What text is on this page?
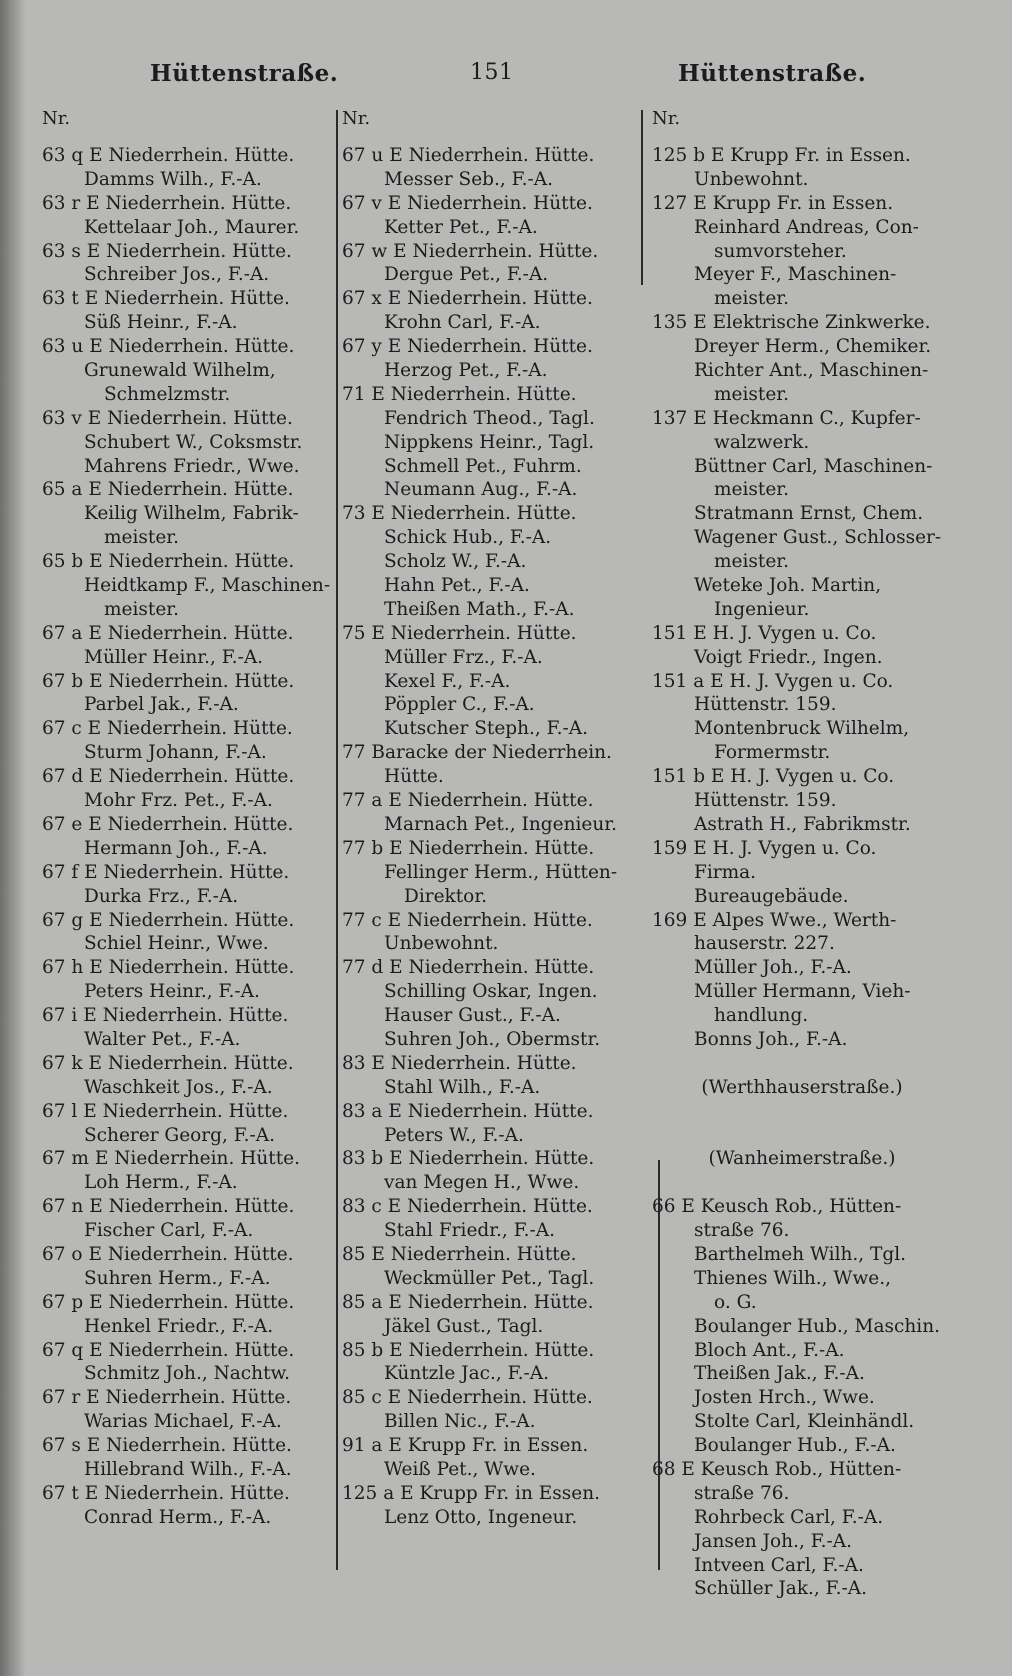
Hüttenstraße.	151	Hüttenstraße.
Nr.
63 q E Niederrhein. Hütte.
Damms Wilh., F.-A.
63 r E Niederrhein. Hütte.
Kettelaar Joh., Maurer.
63 s E Niederrhein. Hütte.
Schreiber Jos., F.-A.
63 t E Niederrhein. Hütte.
Süß Heinr., F.-A.
63 u E Niederrhein. Hütte.
Grunewald Wilhelm,
Schmelzmstr.
63 v E Niederrhein. Hütte.
Schubert W., Coksmstr.
Mahrens Friedr., Wwe.
65 a E Niederrhein. Hütte.
Keilig Wilhelm, Fabrik-
meister.
65 b E Niederrhein. Hütte.
Heidtkamp F., Maschinen-
meister.
67 a E Niederrhein. Hütte.
Müller Heinr., F.-A.
67 b E Niederrhein. Hütte.
Parbel Jak., F.-A.
67 c E Niederrhein. Hütte.
Sturm Johann, F.-A.
67 d E Niederrhein. Hütte.
Mohr Frz. Pet., F.-A.
67 e E Niederrhein. Hütte.
Hermann Joh., F.-A.
67 f E Niederrhein. Hütte.
Durka Frz., F.-A.
67 g E Niederrhein. Hütte.
Schiel Heinr., Wwe.
67 h E Niederrhein. Hütte.
Peters Heinr., F.-A.
67 i E Niederrhein. Hütte.
Walter Pet., F.-A.
67 k E Niederrhein. Hütte.
Waschkeit Jos., F.-A.
67 l E Niederrhein. Hütte.
Scherer Georg, F.-A.
67 m E Niederrhein. Hütte.
Loh Herm., F.-A.
67 n E Niederrhein. Hütte.
Fischer Carl, F.-A.
67 o E Niederrhein. Hütte.
Suhren Herm., F.-A.
67 p E Niederrhein. Hütte.
Henkel Friedr., F.-A.
67 q E Niederrhein. Hütte.
Schmitz Joh., Nachtw.
67 r E Niederrhein. Hütte.
Warias Michael, F.-A.
67 s E Niederrhein. Hütte.
Hillebrand Wilh., F.-A.
67 t E Niederrhein. Hütte.
Conrad Herm., F.-A.
Nr.
67 u E Niederrhein. Hütte.
Messer Seb., F.-A.
67 v E Niederrhein. Hütte.
Ketter Pet., F.-A.
67 w E Niederrhein. Hütte.
Dergue Pet., F.-A.
67 x E Niederrhein. Hütte.
Krohn Carl, F.-A.
67 y E Niederrhein. Hütte.
Herzog Pet., F.-A.
71 E Niederrhein. Hütte.
Fendrich Theod., Tagl.
Nippkens Heinr., Tagl.
Schmell Pet., Fuhrm.
Neumann Aug., F.-A.
73 E Niederrhein. Hütte.
Schick Hub., F.-A.
Scholz W., F.-A.
Hahn Pet., F.-A.
Theißen Math., F.-A.
75 E Niederrhein. Hütte.
Müller Frz., F.-A.
Kexel F., F.-A.
Pöppler C., F.-A.
Kutscher Steph., F.-A.
77 Baracke der Niederrhein.
Hütte.
77 a E Niederrhein. Hütte.
Marnach Pet., Ingenieur.
77 b E Niederrhein. Hütte.
Fellinger Herm., Hütten-
Direktor.
77 c E Niederrhein. Hütte.
Unbewohnt.
77 d E Niederrhein. Hütte.
Schilling Oskar, Ingen.
Hauser Gust., F.-A.
Suhren Joh., Obermstr.
83 E Niederrhein. Hütte.
Stahl Wilh., F.-A.
83 a E Niederrhein. Hütte.
Peters W., F.-A.
83 b E Niederrhein. Hütte.
van Megen H., Wwe.
83 c E Niederrhein. Hütte.
Stahl Friedr., F.-A.
85 E Niederrhein. Hütte.
Weckmüller Pet., Tagl.
85 a E Niederrhein. Hütte.
Jäkel Gust., Tagl.
85 b E Niederrhein. Hütte.
Küntzle Jac., F.-A.
85 c E Niederrhein. Hütte.
Billen Nic., F.-A.
91 a E Krupp Fr. in Essen.
Weiß Pet., Wwe.
125 a E Krupp Fr. in Essen.
Lenz Otto, Ingeneur.
Nr.
125 b E Krupp Fr. in Essen.
Unbewohnt.
127 E Krupp Fr. in Essen.
Reinhard Andreas, Con-
sumvorsteher.
Meyer F., Maschinen-
meister.
135 E Elektrische Zinkwerke.
Dreyer Herm., Chemiker.
Richter Ant., Maschinen-
meister.
137 E Heckmann C., Kupfer-
walzwerk.
Büttner Carl, Maschinen-
meister.
Stratmann Ernst, Chem.
Wagener Gust., Schlosser-
meister.
Weteke Joh. Martin,
Ingenieur.
151 E H. J. Vygen u. Co.
Voigt Friedr., Ingen.
151 a E H. J. Vygen u. Co.
Hüttenstr. 159.
Montenbruck Wilhelm,
Formermstr.
151 b E H. J. Vygen u. Co.
Hüttenstr. 159.
Astrath H., Fabrikmstr.
159 E H. J. Vygen u. Co.
Firma.
Bureaugebäude.
169 E Alpes Wwe., Werth-
hauserstr. 227.
Müller Joh., F.-A.
Müller Hermann, Vieh-
handlung.
Bonns Joh., F.-A.
(Werthhauserstraße.)
(Wanheimerstraße.)
66 E Keusch Rob., Hütten-
straße 76.
Barthelmeh Wilh., Tgl.
Thienes Wilh., Wwe.,
o. G.
Boulanger Hub., Maschin.
Bloch Ant., F.-A.
Theißen Jak., F.-A.
Josten Hrch., Wwe.
Stolte Carl, Kleinhändl.
Boulanger Hub., F.-A.
68 E Keusch Rob., Hütten-
straße 76.
Rohrbeck Carl, F.-A.
Jansen Joh., F.-A.
Intveen Carl, F.-A.
Schüller Jak., F.-A.
